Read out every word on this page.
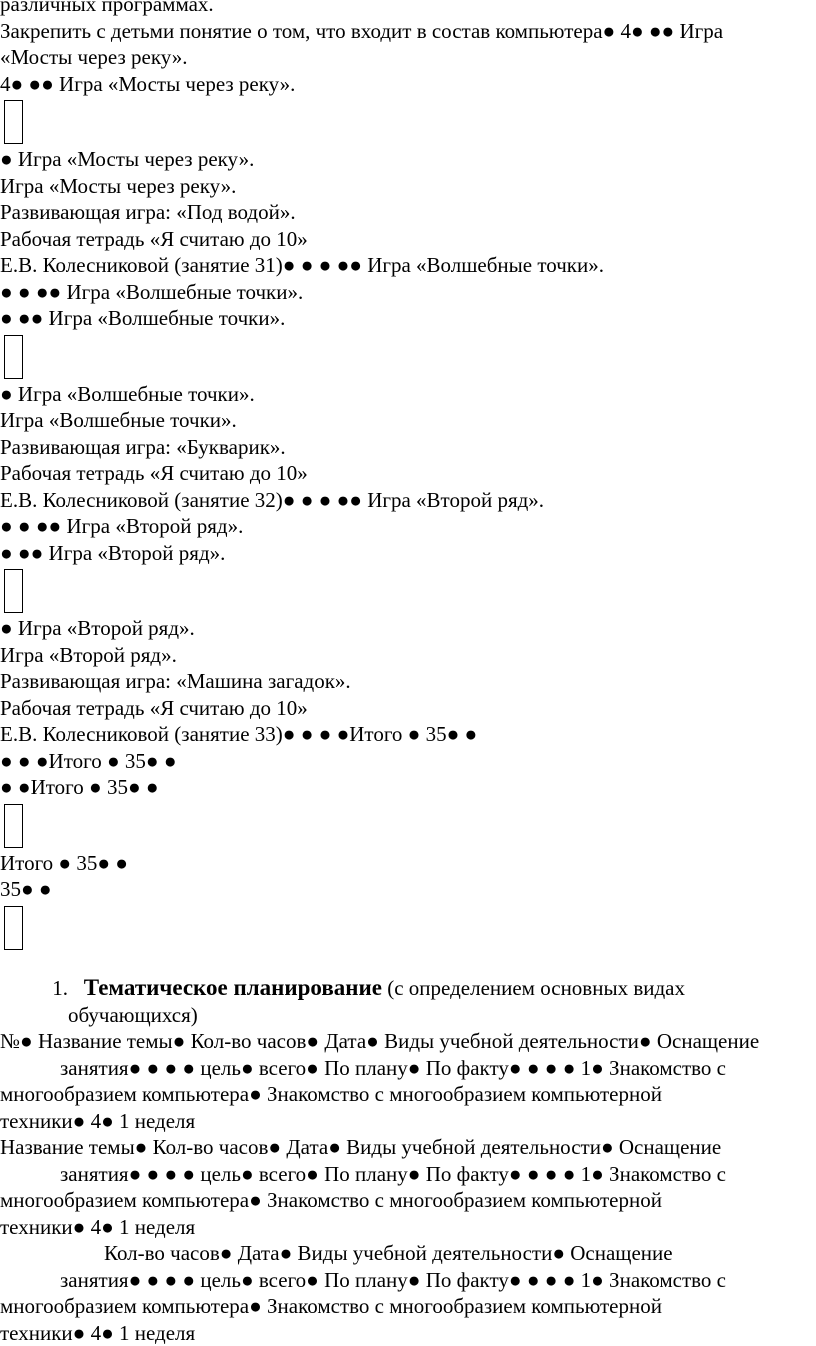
различных программах.

Закрепить с детьми понятие о том, что входит в состав компьютера● 4● ●● Игра

«Мосты через реку».

4● ●● Игра «Мосты через реку».

● Игра «Мосты через реку».

Игра «Мосты через реку».

Развивающая игра: «Под водой».

Рабочая тетрадь «Я считаю до 10»

Е.В. Колесниковой (занятие 31)● ● ● ●● Игра «Волшебные точки».

● ● ●● Игра «Волшебные точки».

● ●● Игра «Волшебные точки».

● Игра «Волшебные точки».

Игра «Волшебные точки».

Развивающая игра: «Букварик».

Рабочая тетрадь «Я считаю до 10»

Е.В. Колесниковой (занятие 32)● ● ● ●● Игра «Второй ряд».

● ● ●● Игра «Второй ряд».

● ●● Игра «Второй ряд».

● Игра «Второй ряд».

Игра «Второй ряд».

Развивающая игра: «Машина загадок».

Рабочая тетрадь «Я считаю до 10»

Е.В. Колесниковой (занятие 33)● ● ● ●Итого ● 35● ●

● ● ●Итого ● 35● ●

● ●Итого ● 35● ●

Итого ● 35● ●

35● ●

1. Тематическое планирование (с определением основных видах

обучающихся)

№● Название темы● Кол-во часов● Дата● Виды учебной деятельности● Оснащение

занятия● ● ● ● цель● всего● По плану● По факту● ● ● ● 1● Знакомство с

многообразием компьютера● Знакомство с многообразием компьютерной

техники● 4● 1 неделя

Название темы● Кол-во часов● Дата● Виды учебной деятельности● Оснащение

занятия● ● ● ● цель● всего● По плану● По факту● ● ● ● 1● Знакомство с

многообразием компьютера● Знакомство с многообразием компьютерной

техники● 4● 1 неделя

Кол-во часов● Дата● Виды учебной деятельности● Оснащение

занятия● ● ● ● цель● всего● По плану● По факту● ● ● ● 1● Знакомство с

многообразием компьютера● Знакомство с многообразием компьютерной

техники● 4● 1 неделя
